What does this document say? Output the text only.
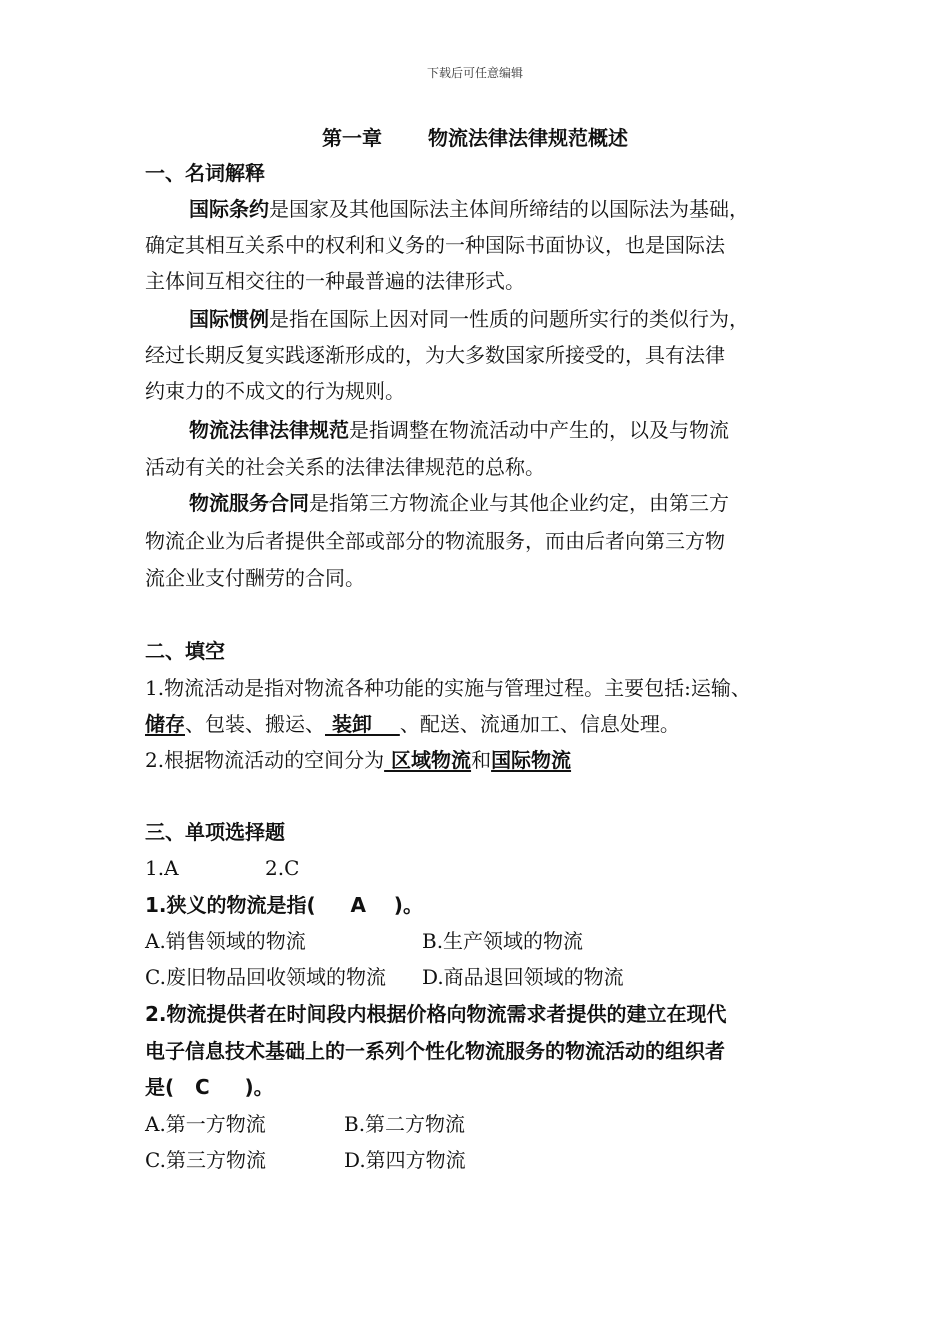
下载后可任意编辑
第一章 物流法律法律规范概述
一、名词解释
国际条约是国家及其他国际法主体间所缔结的以国际法为基础，
确定其相互关系中的权利和义务的一种国际书面协议，也是国际法
主体间互相交往的一种最普遍的法律形式。
国际惯例是指在国际上因对同一性质的问题所实行的类似行为，
经过长期反复实践逐渐形成的，为大多数国家所接受的，具有法律
约束力的不成文的行为规则。
物流法律法律规范是指调整在物流活动中产生的，以及与物流
活动有关的社会关系的法律法律规范的总称。
物流服务合同是指第三方物流企业与其他企业约定，由第三方
物流企业为后者提供全部或部分的物流服务，而由后者向第三方物
流企业支付酬劳的合同。
二、填空
1.物流活动是指对物流各种功能的实施与管理过程。主要包括:运输、
储存、包装、搬运、 装卸    、配送、流通加工、信息处理。
2.根据物流活动的空间分为 区域物流和国际物流
三、单项选择题
1.A	2.C
1.狭义的物流是指(     A    )。
A.销售领域的物流	B.生产领域的物流
C.废旧物品回收领域的物流 D.商品退回领域的物流
2.物流提供者在时间段内根据价格向物流需求者提供的建立在现代
电子信息技术基础上的一系列个性化物流服务的物流活动的组织者
是(   C     )。
A.第一方物流	B.第二方物流
C.第三方物流	D.第四方物流
